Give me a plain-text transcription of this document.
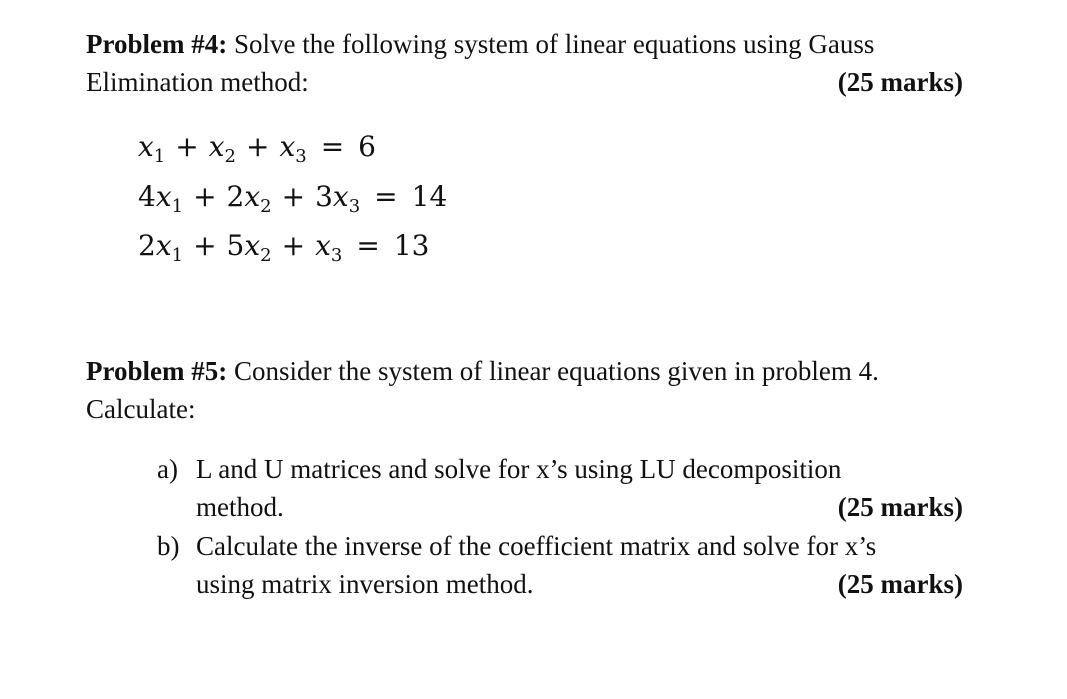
Problem #4: Solve the following system of linear equations using Gauss
Elimination method:	(25 marks)
$x_1 + x_2 + x_3 = 6$
$4x_1 + 2x_2 + 3x_3 = 14$
$2x_1 + 5x_2 + x_3 = 13$
Problem #5: Consider the system of linear equations given in problem 4.
Calculate:
a) L and U matrices and solve for x’s using LU decomposition
method.	(25 marks)
b) Calculate the inverse of the coefficient matrix and solve for x’s
using matrix inversion method.	(25 marks)
